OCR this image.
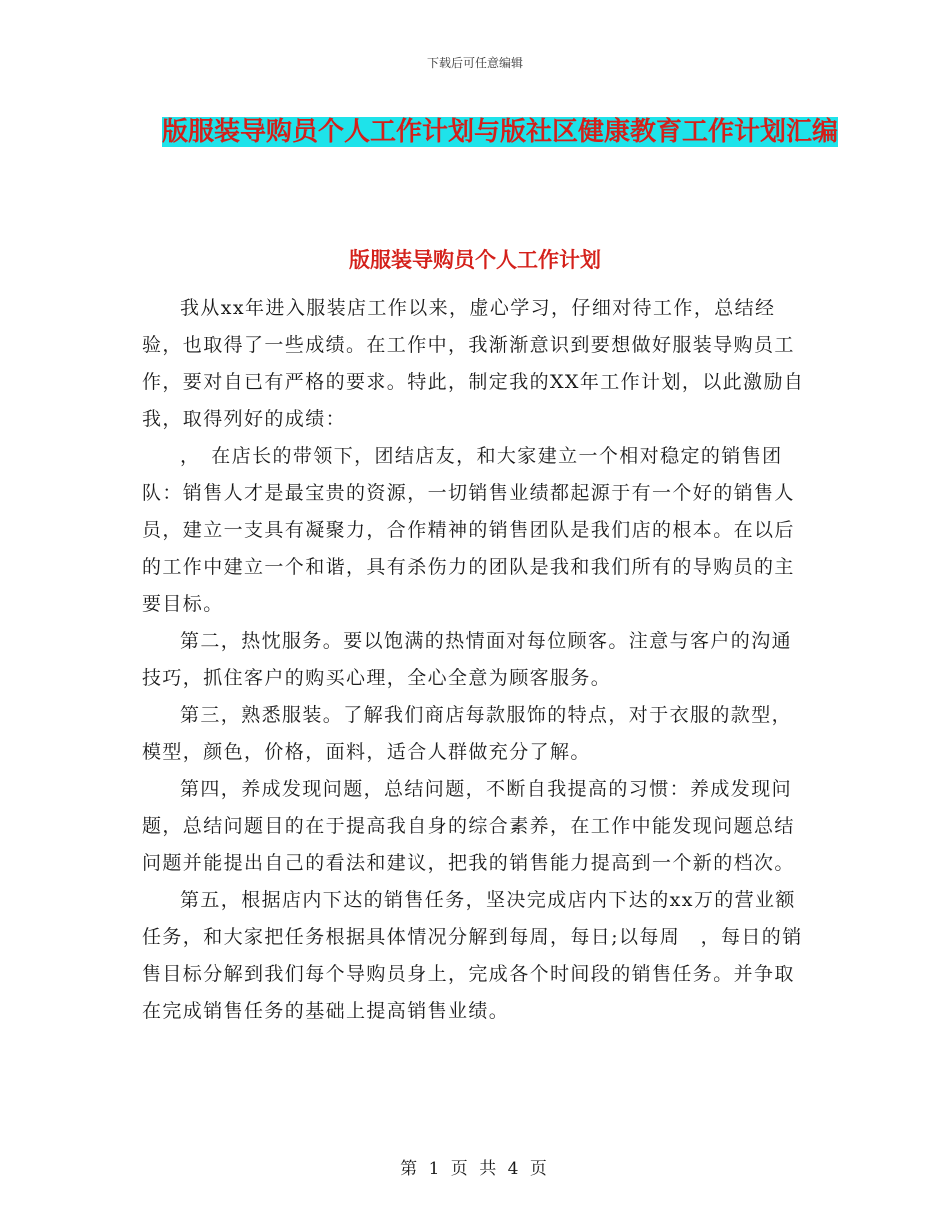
下载后可任意编辑
版服装导购员个人工作计划与版社区健康教育工作计划汇编
版服装导购员个人工作计划

我从xx年进入服装店工作以来，虚心学习，仔细对待工作，总结经验，也取得了一些成绩。在工作中，我渐渐意识到要想做好服装导购员工作，要对自已有严格的要求。特此，制定我的XX年工作计划，以此激励自我，取得列好的成绩：

，　在店长的带领下，团结店友，和大家建立一个相对稳定的销售团队：销售人才是最宝贵的资源，一切销售业绩都起源于有一个好的销售人员，建立一支具有凝聚力，合作精神的销售团队是我们店的根本。在以后的工作中建立一个和谐，具有杀伤力的团队是我和我们所有的导购员的主要目标。

第二，热忱服务。要以饱满的热情面对每位顾客。注意与客户的沟通技巧，抓住客户的购买心理，全心全意为顾客服务。

第三，熟悉服装。了解我们商店每款服饰的特点，对于衣服的款型，模型，颜色，价格，面料，适合人群做充分了解。

第四，养成发现问题，总结问题，不断自我提高的习惯：养成发现问题，总结问题目的在于提高我自身的综合素养，在工作中能发现问题总结问题并能提出自己的看法和建议，把我的销售能力提高到一个新的档次。

第五，根据店内下达的销售任务，坚决完成店内下达的xx万的营业额任务，和大家把任务根据具体情况分解到每周，每日;以每周　，每日的销售目标分解到我们每个导购员身上，完成各个时间段的销售任务。并争取在完成销售任务的基础上提高销售业绩。

第 1 页 共 4 页
